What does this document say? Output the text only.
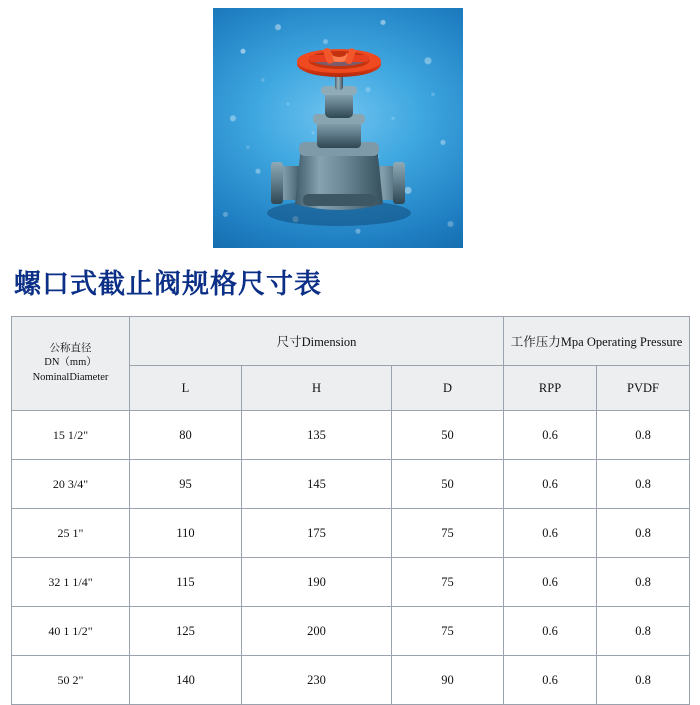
螺口式截止阀规格尺寸表
公称直径
DN（mm）
NominalDiameter	尺寸Dimension			工作压力Mpa Operating Pressure	
	L	H	D	RPP	PVDF
15 1/2"	80	135	50	0.6	0.8
20 3/4"	95	145	50	0.6	0.8
25 1"	110	175	75	0.6	0.8
32 1 1/4"	115	190	75	0.6	0.8
40 1 1/2"	125	200	75	0.6	0.8
50 2"	140	230	90	0.6	0.8
